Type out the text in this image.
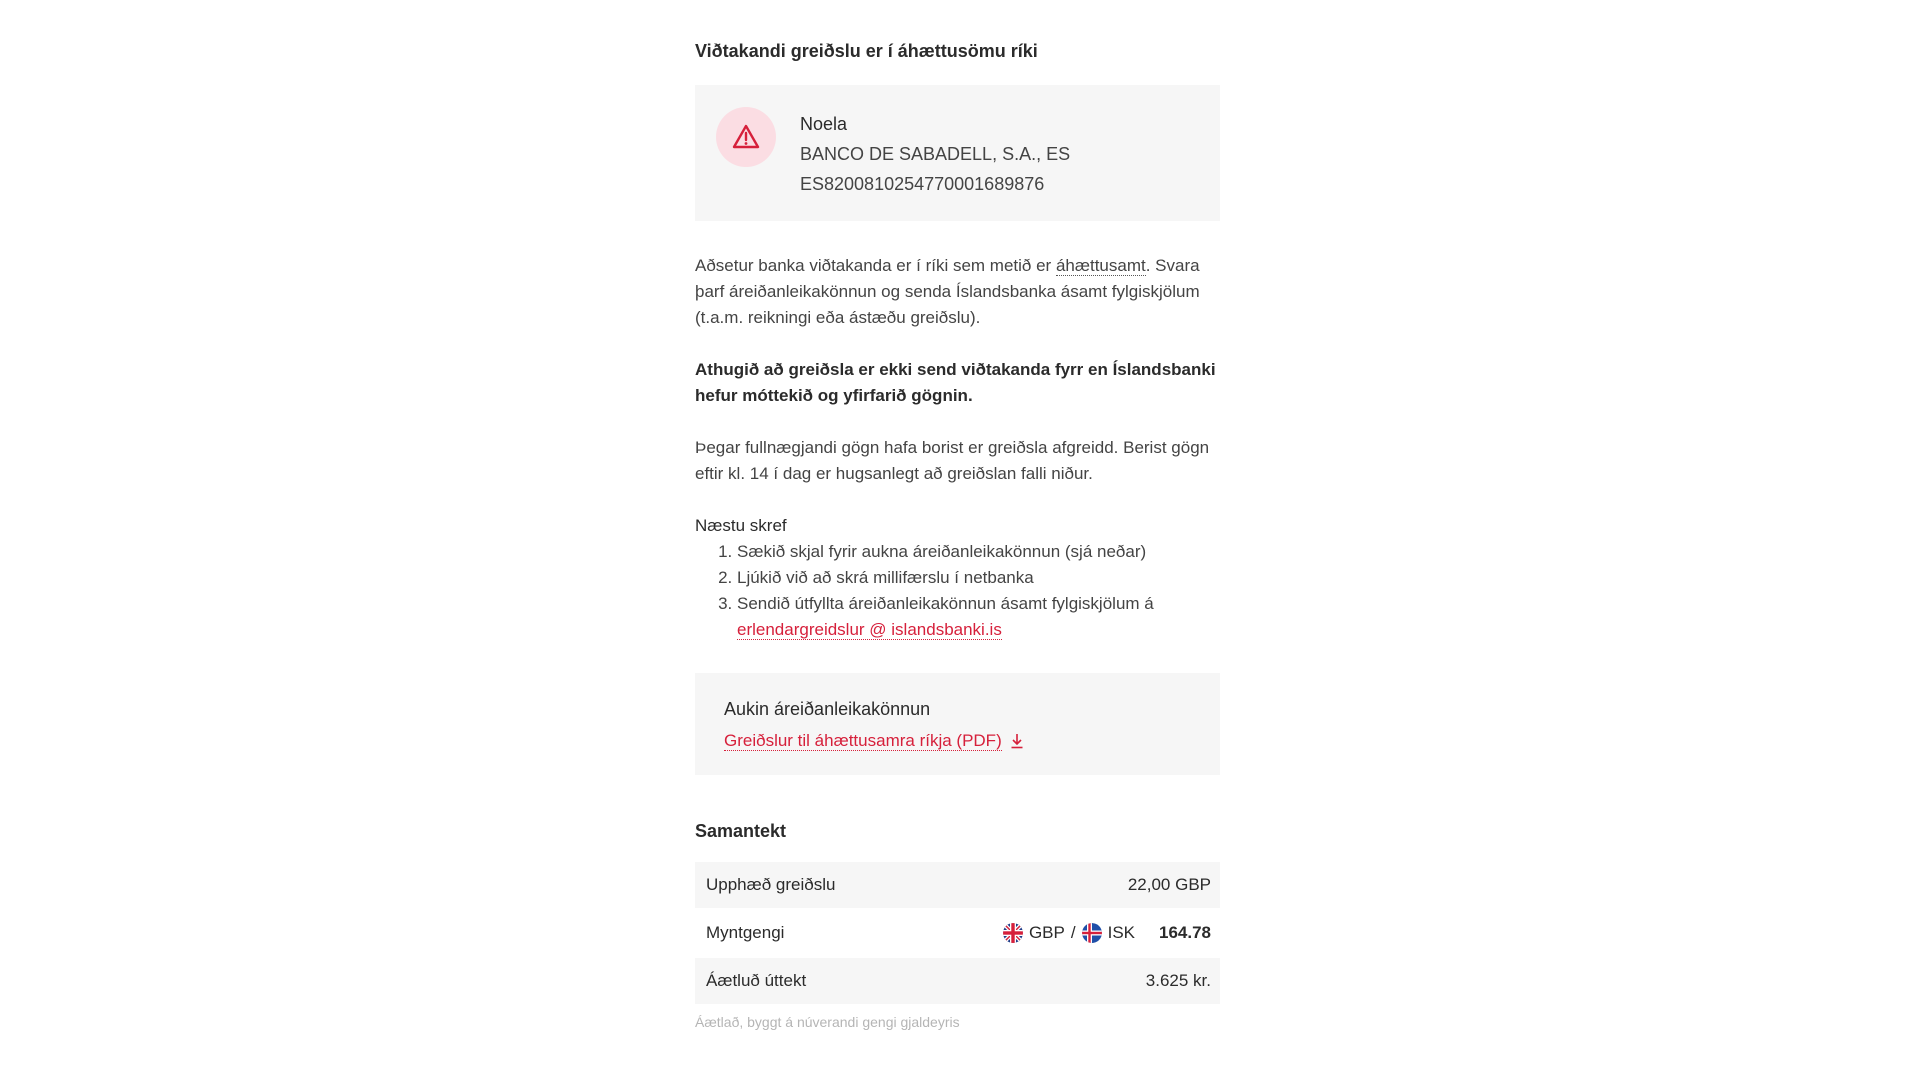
Viðtakandi greiðslu er í áhættusömu ríki
Noela
BANCO DE SABADELL, S.A., ES
ES8200810254770001689876
Aðsetur banka viðtakanda er í ríki sem metið er áhættusamt. Svara þarf áreiðanleikakönnun og senda Íslandsbanka ásamt fylgiskjölum (t.a.m. reikningi eða ástæðu greiðslu).
Athugið að greiðsla er ekki send viðtakanda fyrr en Íslandsbanki hefur móttekið og yfirfarið gögnin.
Þegar fullnægjandi gögn hafa borist er greiðsla afgreidd. Berist gögn eftir kl. 14 í dag er hugsanlegt að greiðslan falli niður.
Næstu skref
1. Sækið skjal fyrir aukna áreiðanleikakönnun (sjá neðar)
2. Ljúkið við að skrá millifærslu í netbanka
3. Sendið útfyllta áreiðanleikakönnun ásamt fylgiskjölum á
erlendargreidslur @ islandsbanki.is
Aukin áreiðanleikakönnun
Greiðslur til áhættusamra ríkja (PDF)
Samantekt
Upphæð greiðslu	22,00 GBP
Myntgengi	GBP / ISK 164.78
Áætluð úttekt	3.625 kr.
Áætlað, byggt á núverandi gengi gjaldeyris
